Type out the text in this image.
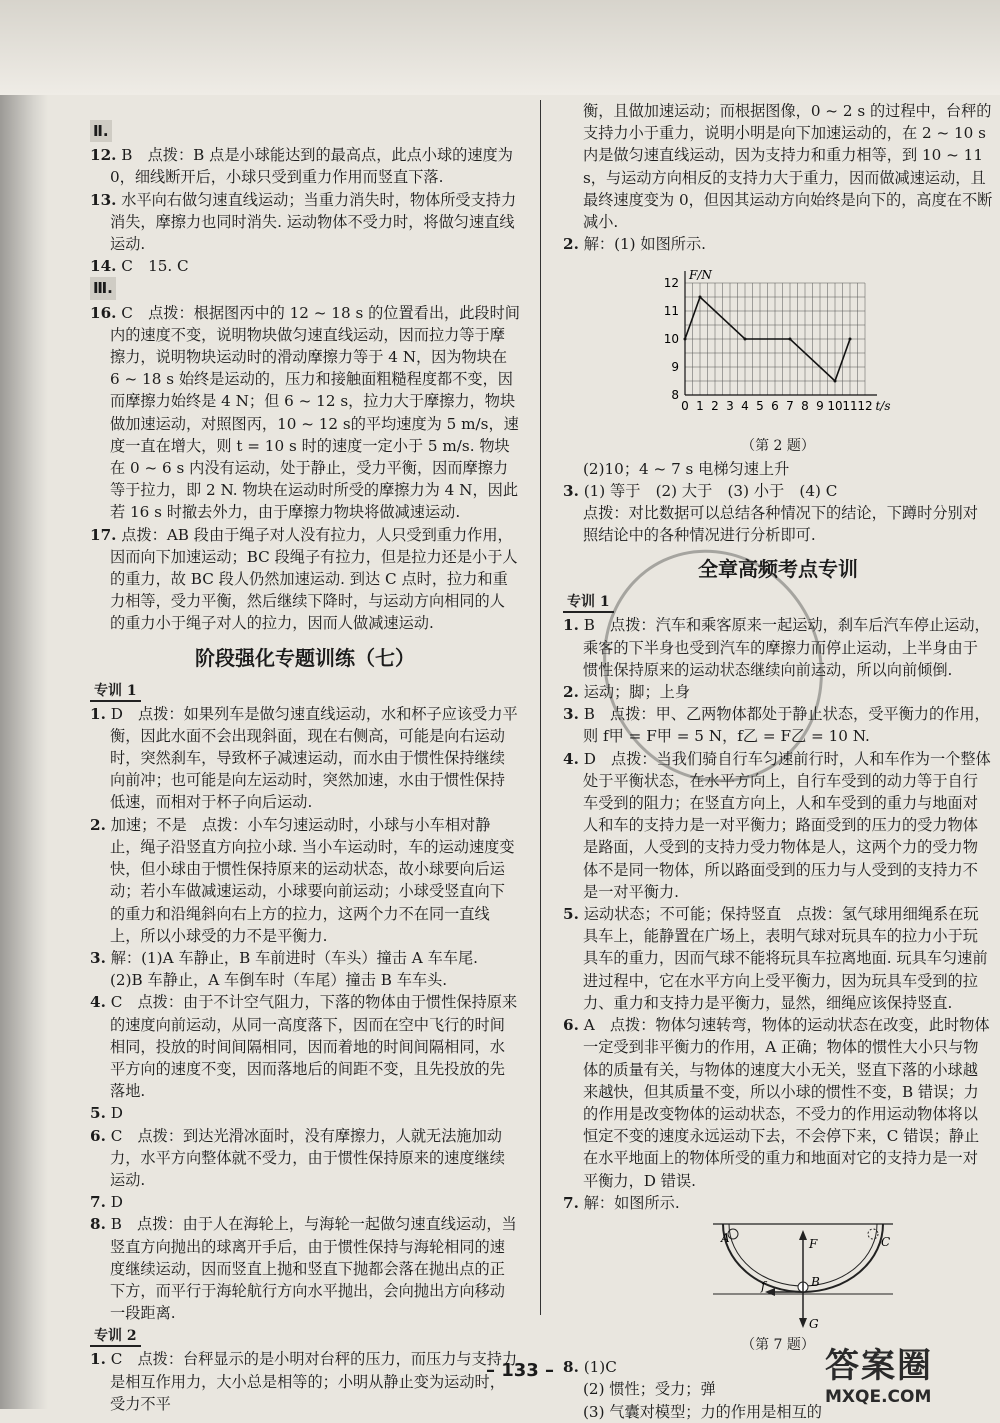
Ⅱ.

12. B　点拨：B 点是小球能达到的最高点，此点小球的速度为 0，细线断开后，小球只受到重力作用而竖直下落.

13. 水平向右做匀速直线运动；当重力消失时，物体所受支持力消失，摩擦力也同时消失. 运动物体不受力时，将做匀速直线运动.

14. C　15. C

Ⅲ.

16. C　点拨：根据图丙中的 12 ~ 18 s 的位置看出，此段时间内的速度不变，说明物块做匀速直线运动，因而拉力等于摩擦力，说明物块运动时的滑动摩擦力等于 4 N，因为物块在 6 ~ 18 s 始终是运动的，压力和接触面粗糙程度都不变，因而摩擦力始终是 4 N；但 6 ~ 12 s，拉力大于摩擦力，物块做加速运动，对照图丙，10 ~ 12 s的平均速度为 5 m/s，速度一直在增大，则 t = 10 s 时的速度一定小于 5 m/s. 物块在 0 ~ 6 s 内没有运动，处于静止，受力平衡，因而摩擦力等于拉力，即 2 N. 物块在运动时所受的摩擦力为 4 N，因此若 16 s 时撤去外力，由于摩擦力物块将做减速运动.

17. 点拨：AB 段由于绳子对人没有拉力，人只受到重力作用，因而向下加速运动；BC 段绳子有拉力，但是拉力还是小于人的重力，故 BC 段人仍然加速运动. 到达 C 点时，拉力和重力相等，受力平衡，然后继续下降时，与运动方向相同的人的重力小于绳子对人的拉力，因而人做减速运动.

阶段强化专题训练（七）
专训 1

1. D　点拨：如果列车是做匀速直线运动，水和杯子应该受力平衡，因此水面不会出现斜面，现在右侧高，可能是向右运动时，突然刹车，导致杯子减速运动，而水由于惯性保持继续向前冲；也可能是向左运动时，突然加速，水由于惯性保持低速，而相对于杯子向后运动.

2. 加速；不是　点拨：小车匀速运动时，小球与小车相对静止，绳子沿竖直方向拉小球. 当小车运动时，车的运动速度变快，但小球由于惯性保持原来的运动状态，故小球要向后运动；若小车做减速运动，小球要向前运动；小球受竖直向下的重力和沿绳斜向右上方的拉力，这两个力不在同一直线上，所以小球受的力不是平衡力.

3. 解：(1)A 车静止，B 车前进时（车头）撞击 A 车车尾.

(2)B 车静止，A 车倒车时（车尾）撞击 B 车车头.

4. C　点拨：由于不计空气阻力，下落的物体由于惯性保持原来的速度向前运动，从同一高度落下，因而在空中飞行的时间相同，投放的时间间隔相同，因而着地的时间间隔相同，水平方向的速度不变，因而落地后的间距不变，且先投放的先落地.

5. D

6. C　点拨：到达光滑冰面时，没有摩擦力，人就无法施加动力，水平方向整体就不受力，由于惯性保持原来的速度继续运动.

7. D

8. B　点拨：由于人在海轮上，与海轮一起做匀速直线运动，当竖直方向抛出的球离开手后，由于惯性保持与海轮相同的速度继续运动，因而竖直上抛和竖直下抛都会落在抛出点的正下方，而平行于海轮航行方向水平抛出，会向抛出方向移动一段距离.

专训 2

1. C　点拨：台秤显示的是小明对台秤的压力，而压力与支持力是相互作用力，大小总是相等的；小明从静止变为运动时，受力不平

衡，且做加速运动；而根据图像，0 ~ 2 s 的过程中，台秤的支持力小于重力，说明小明是向下加速运动的，在 2 ~ 10 s 内是做匀速直线运动，因为支持力和重力相等，到 10 ~ 11 s，与运动方向相反的支持力大于重力，因而做减速运动，且最终速度变为 0，但因其运动方向始终是向下的，高度在不断减小.

2. 解：(1) 如图所示.

0 1 2 3 4 5 6 7 8 9 10 11 12
8
9
10
11
12
t/s
F/N
（第 2 题）

(2)10；4 ~ 7 s 电梯匀速上升

3. (1) 等于　(2) 大于　(3) 小于　(4) C

点拨：对比数据可以总结各种情况下的结论，下蹲时分别对照结论中的各种情况进行分析即可.

全章高频考点专训
专训 1

1. B　点拨：汽车和乘客原来一起运动，刹车后汽车停止运动，乘客的下半身也受到汽车的摩擦力而停止运动，上半身由于惯性保持原来的运动状态继续向前运动，所以向前倾倒.

2. 运动；脚；上身

3. B　点拨：甲、乙两物体都处于静止状态，受平衡力的作用，则 f甲 = F甲 = 5 N，f乙 = F乙 = 10 N.

4. D　点拨：当我们骑自行车匀速前行时，人和车作为一个整体处于平衡状态，在水平方向上，自行车受到的动力等于自行车受到的阻力；在竖直方向上，人和车受到的重力与地面对人和车的支持力是一对平衡力；路面受到的压力的受力物体是路面，人受到的支持力受力物体是人，这两个力的受力物体不是同一物体，所以路面受到的压力与人受到的支持力不是一对平衡力.

5. 运动状态；不可能；保持竖直　点拨：氢气球用细绳系在玩具车上，能静置在广场上，表明气球对玩具车的拉力小于玩具车的重力，因而气球不能将玩具车拉离地面. 玩具车匀速前进过程中，它在水平方向上受平衡力，因为玩具车受到的拉力、重力和支持力是平衡力，显然，细绳应该保持竖直.

6. A　点拨：物体匀速转弯，物体的运动状态在改变，此时物体一定受到非平衡力的作用，A 正确；物体的惯性大小只与物体的质量有关，与物体的速度大小无关，竖直下落的小球越来越快，但其质量不变，所以小球的惯性不变，B 错误；力的作用是改变物体的运动状态，不受力的作用运动物体将以恒定不变的速度永远运动下去，不会停下来，C 错误；静止在水平地面上的物体所受的重力和地面对它的支持力是一对平衡力，D 错误.

7. 解：如图所示.

A	C
F
B
f
G
（第 7 题）

8. (1)C

(2) 惯性；受力；弹

(3) 气囊对模型；力的作用是相互的

– 133 –	答案圈
MXQE.COM
